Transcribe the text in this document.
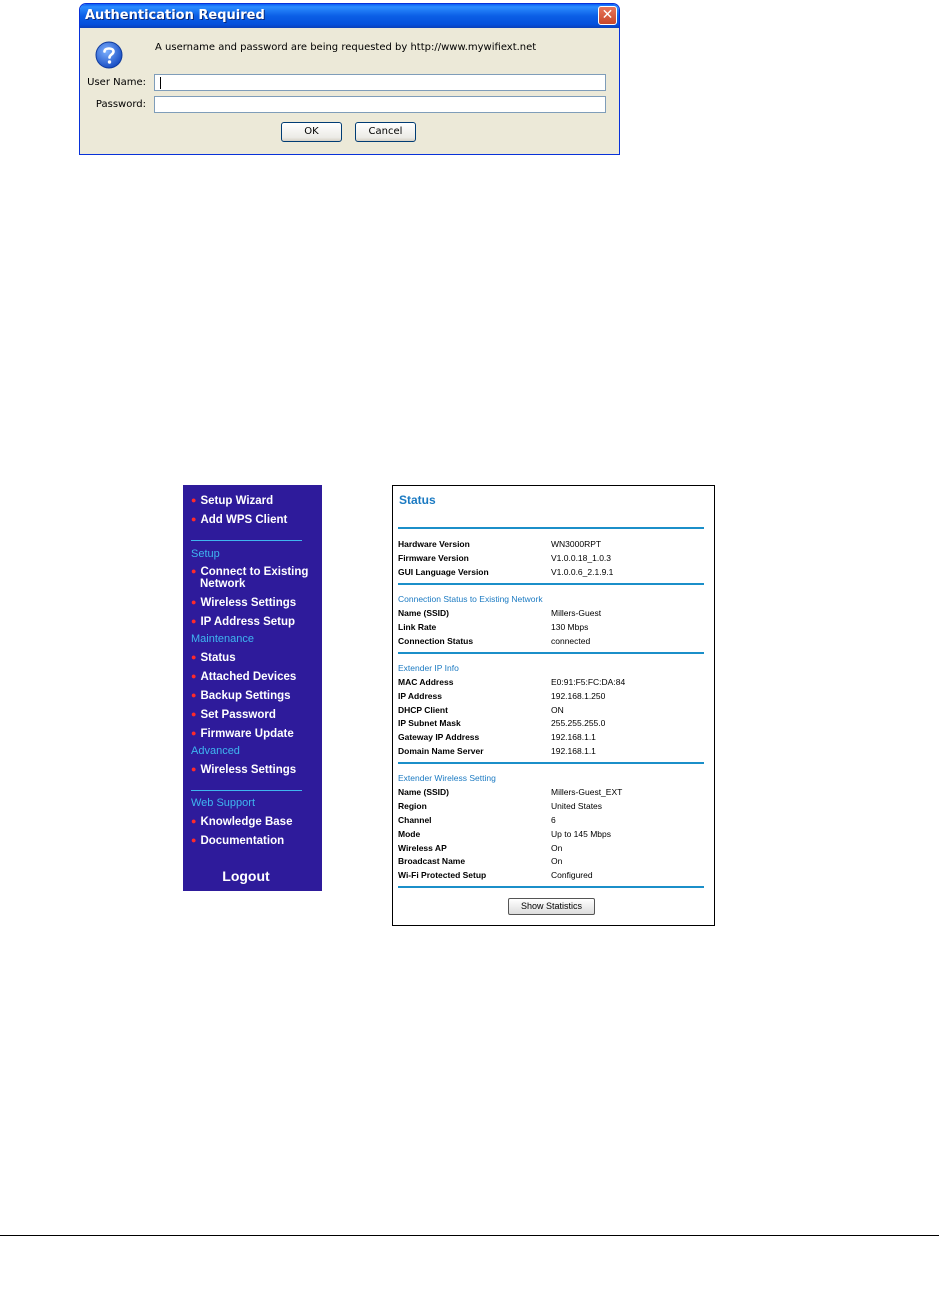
Authentication Required	✕
A username and password are being requested by http://www.mywifiext.net
User Name:
Password:
OK	Cancel
● Setup Wizard
● Add WPS Client
Setup
● Connect to Existing
Network
● Wireless Settings
● IP Address Setup
Maintenance
● Status
● Attached Devices
● Backup Settings
● Set Password
● Firmware Update
Advanced
● Wireless Settings
Web Support
● Knowledge Base
● Documentation
Logout
Status
Hardware Version	WN3000RPT
Firmware Version	V1.0.0.18_1.0.3
GUI Language Version	V1.0.0.6_2.1.9.1
Connection Status to Existing Network
Name (SSID)	Millers-Guest
Link Rate	130 Mbps
Connection Status	connected
Extender IP Info
MAC Address	E0:91:F5:FC:DA:84
IP Address	192.168.1.250
DHCP Client	ON
IP Subnet Mask	255.255.255.0
Gateway IP Address	192.168.1.1
Domain Name Server	192.168.1.1
Extender Wireless Setting
Name (SSID)	Millers-Guest_EXT
Region	United States
Channel	6
Mode	Up to 145 Mbps
Wireless AP	On
Broadcast Name	On
Wi-Fi Protected Setup	Configured
Show Statistics
